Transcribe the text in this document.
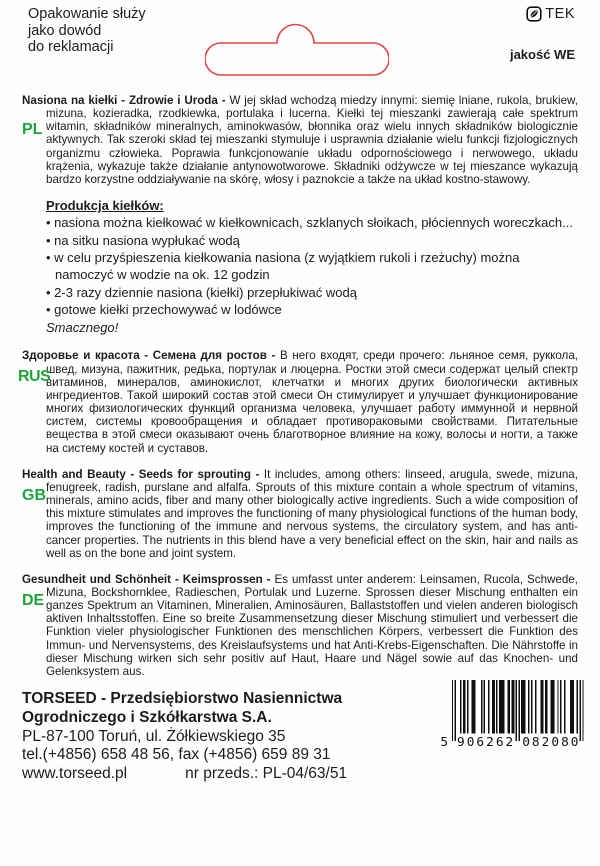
Opakowanie służy
jako dowód
do reklamacji
TEK
jakość WE
PL

Nasiona na kiełki - Zdrowie i Uroda - W jej skład wchodzą miedzy innymi: siemię lniane, rukola, brukiew, mizuna, kozieradka, rzodkiewka, portulaka i lucerna. Kiełki tej mieszanki zawierają całe spektrum witamin, składników mineralnych, aminokwasów, błonnika oraz wielu innych składników biologicznie aktywnych. Tak szeroki skład tej mieszanki stymuluje i usprawnia działanie wielu funkcji fizjologicznych organizmu człowieka. Poprawia funkcjonowanie układu odpornościowego i nerwowego, układu krążenia, wykazuje także działanie antynowotworowe. Składniki odżywcze w tej mieszance wykazują bardzo korzystne oddziaływanie na skórę, włosy i paznokcie a także na układ kostno-stawowy.

Produkcja kiełków:
• nasiona można kiełkować w kiełkownicach, szklanych słoikach, płóciennych woreczkach...
• na sitku nasiona wypłukać wodą
• w celu przyśpieszenia kiełkowania nasiona (z wyjątkiem rukoli i rzeżuchy) można namoczyć w wodzie na ok. 12 godzin
• 2-3 razy dziennie nasiona (kiełki) przepłukiwać wodą
• gotowe kiełki przechowywać w lodówce
Smacznego!
RUS

Здоровье и красота - Семена для ростов - В него входят, среди прочего: льняное семя, руккола, швед, мизуна, пажитник, редька, портулак и люцерна. Ростки этой смеси содержат целый спектр витаминов, минералов, аминокислот, клетчатки и многих других биологически активных ингредиентов. Такой широкий состав этой смеси Он стимулирует и улучшает функционирование многих физиологических функций организма человека, улучшает работу иммунной и нервной систем, системы кровообращения и обладает противораковыми свойствами. Питательные вещества в этой смеси оказывают очень благотворное влияние на кожу, волосы и ногти, а также на систему костей и суставов.

GB

Health and Beauty - Seeds for sprouting - It includes, among others: linseed, arugula, swede, mizuna, fenugreek, radish, purslane and alfalfa. Sprouts of this mixture contain a whole spectrum of vitamins, minerals, amino acids, fiber and many other biologically active ingredients. Such a wide composition of this mixture stimulates and improves the functioning of many physiological functions of the human body, improves the functioning of the immune and nervous systems, the circulatory system, and has anti-cancer properties. The nutrients in this blend have a very beneficial effect on the skin, hair and nails as well as on the bone and joint system.

DE

Gesundheit und Schönheit - Keimsprossen - Es umfasst unter anderem: Leinsamen, Rucola, Schwede, Mizuna, Bockshornklee, Radieschen, Portulak und Luzerne. Sprossen dieser Mischung enthalten ein ganzes Spektrum an Vitaminen, Mineralien, Aminosäuren, Ballaststoffen und vielen anderen biologisch aktiven Inhaltsstoffen. Eine so breite Zusammensetzung dieser Mischung stimuliert und verbessert die Funktion vieler physiologischer Funktionen des menschlichen Körpers, verbessert die Funktion des Immun- und Nervensystems, des Kreislaufsystems und hat Anti-Krebs-Eigenschaften. Die Nährstoffe in dieser Mischung wirken sich sehr positiv auf Haut, Haare und Nägel sowie auf das Knochen- und Gelenksystem aus.

TORSEED - Przedsiębiorstwo Nasiennictwa
Ogrodniczego i Szkółkarstwa S.A.
PL-87-100 Toruń, ul. Żółkiewskiego 35
tel.(+4856) 658 48 56, fax (+4856) 659 89 31
www.torseed.pl	nr przeds.: PL-04/63/51
5 9 0 6 2 6 2 0 8 2 0 8 0
